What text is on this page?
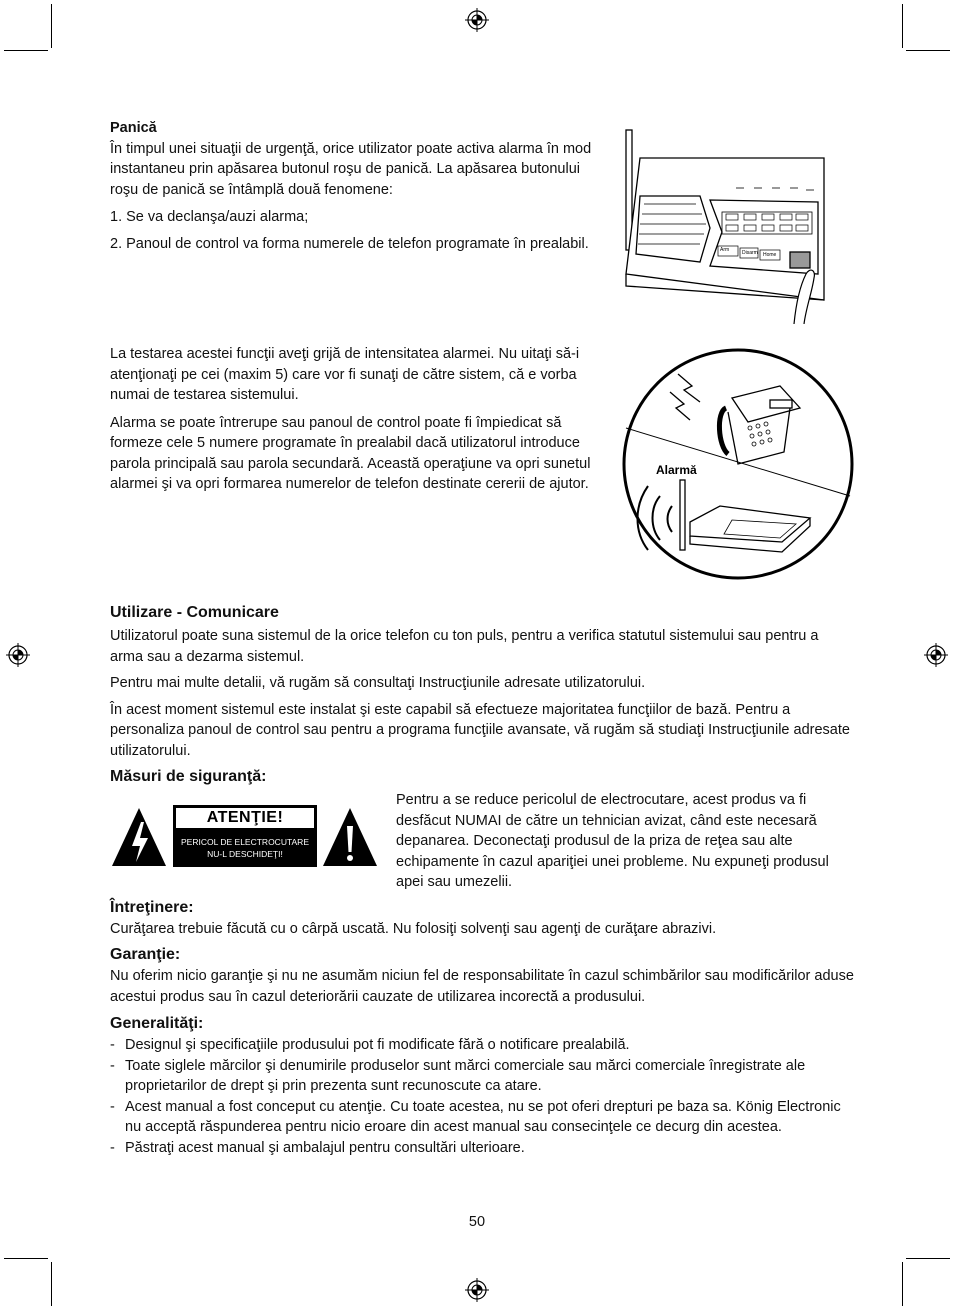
Panică

În timpul unei situaţii de urgenţă, orice utilizator poate activa alarma în mod instantaneu prin apăsarea butonul roşu de panică. La apăsarea butonului roşu de panică se întâmplă două fenomene:

1. Se va declanşa/auzi alarma;

2. Panoul de control va forma numerele de telefon programate în prealabil.	Arm	Disarm Home

La testarea acestei funcţii aveţi grijă de intensitatea alarmei. Nu uitaţi să-i atenţionaţi pe cei (maxim 5) care vor fi sunaţi de către sistem, că e vorba numai de testarea sistemului.

Alarma se poate întrerupe sau panoul de control poate fi împiedicat să formeze cele 5 numere programate în prealabil dacă utilizatorul introduce parola principală sau parola secundară. Această operaţiune va opri sunetul alarmei şi va opri formarea numerelor de telefon destinate cererii de ajutor.

Alarmă
Utilizare - Comunicare

Utilizatorul poate suna sistemul de la orice telefon cu ton puls, pentru a verifica statutul sistemului sau pentru a arma sau a dezarma sistemul.

Pentru mai multe detalii, vă rugăm să consultaţi Instrucţiunile adresate utilizatorului.

În acest moment sistemul este instalat şi este capabil să efectueze majoritatea funcţiilor de bază. Pentru a personaliza panoul de control sau pentru a programa funcţiile avansate, vă rugăm să studiaţi Instrucţiunile adresate utilizatorului.

Măsuri de siguranţă:
ATENŢIE!
PERICOL DE ELECTROCUTARE
NU-L DESCHIDEŢI!
Pentru a se reduce pericolul de electrocutare, acest produs va fi desfăcut NUMAI de către un tehnician avizat, când este necesară depanarea. Deconectaţi produsul de la priza de reţea sau alte echipamente în cazul apariţiei unei probleme. Nu expuneţi produsul apei sau umezelii.
Întreţinere:

Curăţarea trebuie făcută cu o cârpă uscată. Nu folosiţi solvenţi sau agenţi de curăţare abrazivi.

Garanţie:

Nu oferim nicio garanţie şi nu ne asumăm niciun fel de responsabilitate în cazul schimbărilor sau modificărilor aduse acestui produs sau în cazul deteriorării cauzate de utilizarea incorectă a produsului.

Generalităţi:
- Designul şi specificaţiile produsului pot fi modificate fără o notificare prealabilă.
- Toate siglele mărcilor şi denumirile produselor sunt mărci comerciale sau mărci comerciale înregistrate ale proprietarilor de drept şi prin prezenta sunt recunoscute ca atare.
- Acest manual a fost conceput cu atenţie. Cu toate acestea, nu se pot oferi drepturi pe baza sa. König Electronic nu acceptă răspunderea pentru nicio eroare din acest manual sau consecinţele ce decurg din acestea.
- Păstraţi acest manual şi ambalajul pentru consultări ulterioare.
50
